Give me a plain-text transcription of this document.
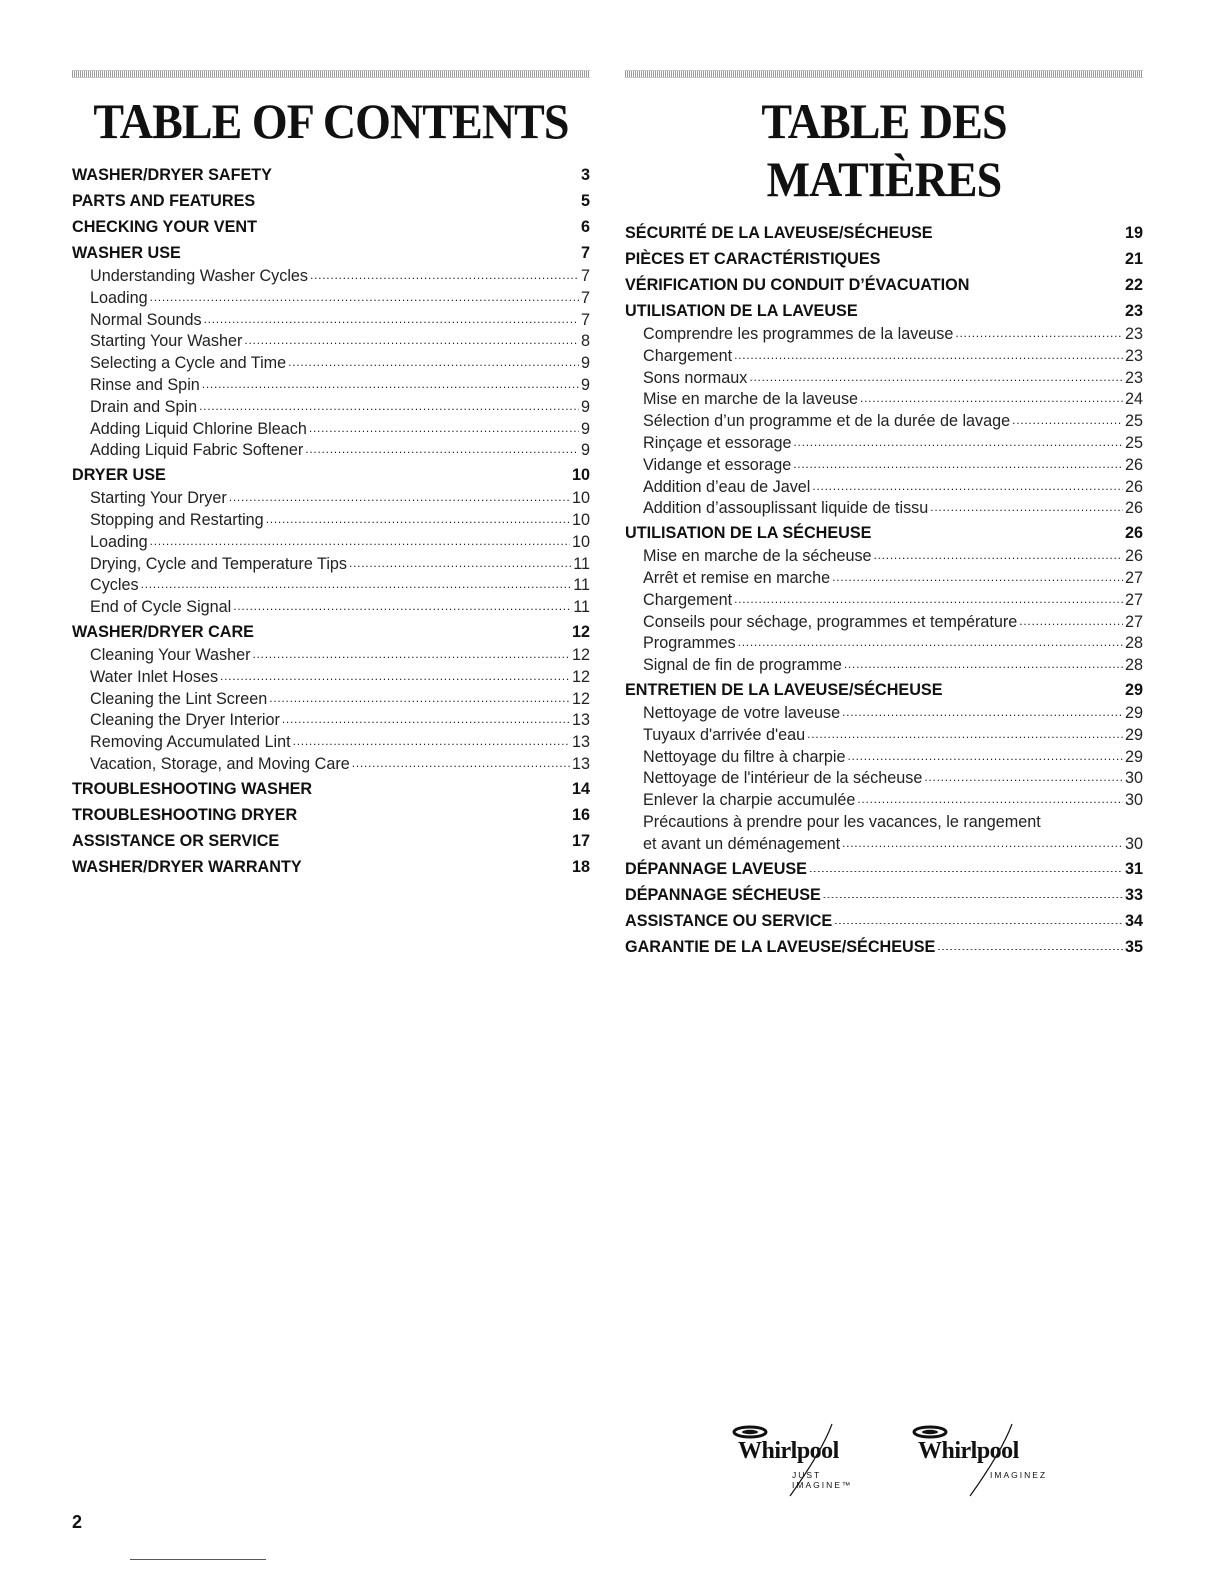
TABLE OF CONTENTS
WASHER/DRYER SAFETY . . .	3
PARTS AND FEATURES . . .	5
CHECKING YOUR VENT . . .	6
WASHER USE . . .	7
Understanding Washer Cycles . . .	7
Loading . . .	7
Normal Sounds . . .	7
Starting Your Washer . . .	8
Selecting a Cycle and Time . . .	9
Rinse and Spin . . .	9
Drain and Spin . . .	9
Adding Liquid Chlorine Bleach . . .	9
Adding Liquid Fabric Softener . . .	9
DRYER USE . . .	10
Starting Your Dryer . . .	10
Stopping and Restarting . . .	10
Loading . . .	10
Drying, Cycle and Temperature Tips . . .	11
Cycles . . .	11
End of Cycle Signal . . .	11
WASHER/DRYER CARE . . .	12
Cleaning Your Washer . . .	12
Water Inlet Hoses . . .	12
Cleaning the Lint Screen . . .	12
Cleaning the Dryer Interior . . .	13
Removing Accumulated Lint . . .	13
Vacation, Storage, and Moving Care . . .	13
TROUBLESHOOTING WASHER . . .	14
TROUBLESHOOTING DRYER . . .	16
ASSISTANCE OR SERVICE . . .	17
WASHER/DRYER WARRANTY . . .	18
TABLE DES MATIÈRES
SÉCURITÉ DE LA LAVEUSE/SÉCHEUSE . . .	19
PIÈCES ET CARACTÉRISTIQUES . . .	21
VÉRIFICATION DU CONDUIT D’ÉVACUATION . . .	22
UTILISATION DE LA LAVEUSE . . .	23
Comprendre les programmes de la laveuse . . .	23
Chargement . . .	23
Sons normaux . . .	23
Mise en marche de la laveuse . . .	24
Sélection d’un programme et de la durée de lavage . . .	25
Rinçage et essorage . . .	25
Vidange et essorage . . .	26
Addition d’eau de Javel . . .	26
Addition d’assouplissant liquide de tissu . . .	26
UTILISATION DE LA SÉCHEUSE . . .	26
Mise en marche de la sécheuse . . .	26
Arrêt et remise en marche . . .	27
Chargement . . .	27
Conseils pour séchage, programmes et température . . .	27
Programmes . . .	28
Signal de fin de programme . . .	28
ENTRETIEN DE LA LAVEUSE/SÉCHEUSE . . .	29
Nettoyage de votre laveuse . . .	29
Tuyaux d'arrivée d'eau . . .	29
Nettoyage du filtre à charpie . . .	29
Nettoyage de l'intérieur de la sécheuse . . .	30
Enlever la charpie accumulée . . .	30
Précautions à prendre pour les vacances, le rangement
et avant un déménagement . . .	30
DÉPANNAGE LAVEUSE . . .	31
DÉPANNAGE SÉCHEUSE . . .	33
ASSISTANCE OU SERVICE . . .	34
GARANTIE DE LA LAVEUSE/SÉCHEUSE . . .	35
Whirlpool
JUST IMAGINE™
Whirlpool
IMAGINEZ
2
